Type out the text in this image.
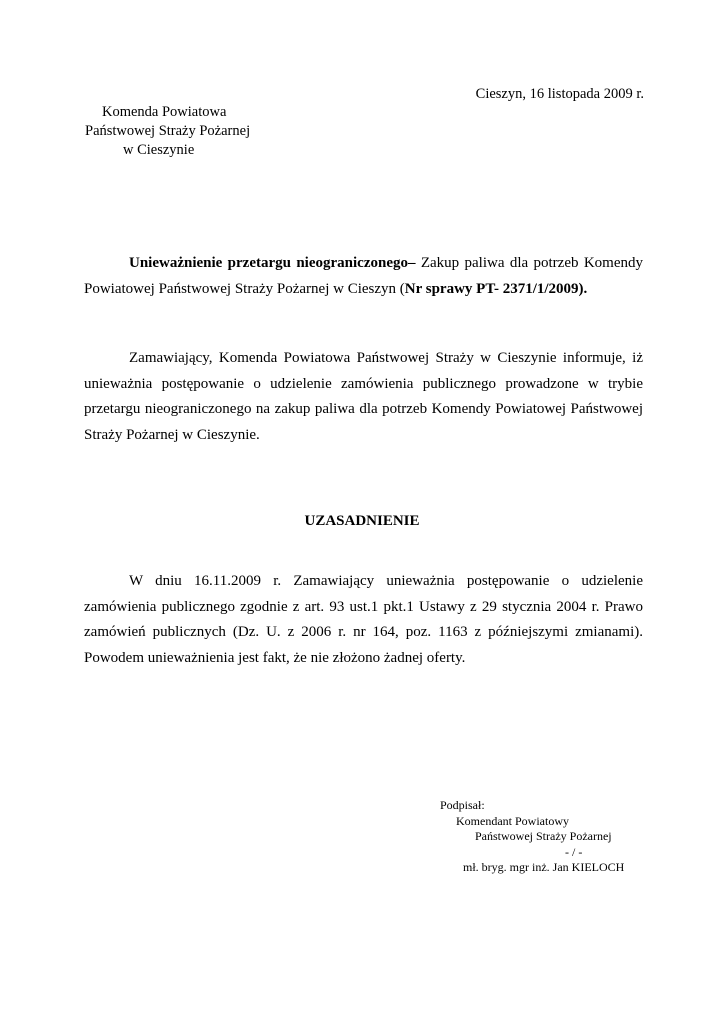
Cieszyn, 16 listopada 2009 r.
Komenda Powiatowa
Państwowej Straży Pożarnej
w Cieszynie
Unieważnienie przetargu nieograniczonego– Zakup paliwa dla potrzeb Komendy Powiatowej Państwowej Straży Pożarnej w Cieszyn (Nr sprawy PT- 2371/1/2009).
Zamawiający, Komenda Powiatowa Państwowej Straży w Cieszynie informuje, iż unieważnia postępowanie o udzielenie zamówienia publicznego prowadzone w trybie przetargu nieograniczonego na zakup paliwa dla potrzeb Komendy Powiatowej Państwowej Straży Pożarnej w Cieszynie.
UZASADNIENIE
W dniu 16.11.2009 r. Zamawiający unieważnia postępowanie o udzielenie zamówienia publicznego zgodnie z art. 93 ust.1 pkt.1 Ustawy z 29 stycznia 2004 r. Prawo zamówień publicznych (Dz. U. z 2006 r. nr 164, poz. 1163 z późniejszymi zmianami). Powodem unieważnienia jest fakt, że nie złożono żadnej oferty.
Podpisał:
Komendant Powiatowy
Państwowej Straży Pożarnej
- / -
mł. bryg. mgr inż. Jan KIELOCH
